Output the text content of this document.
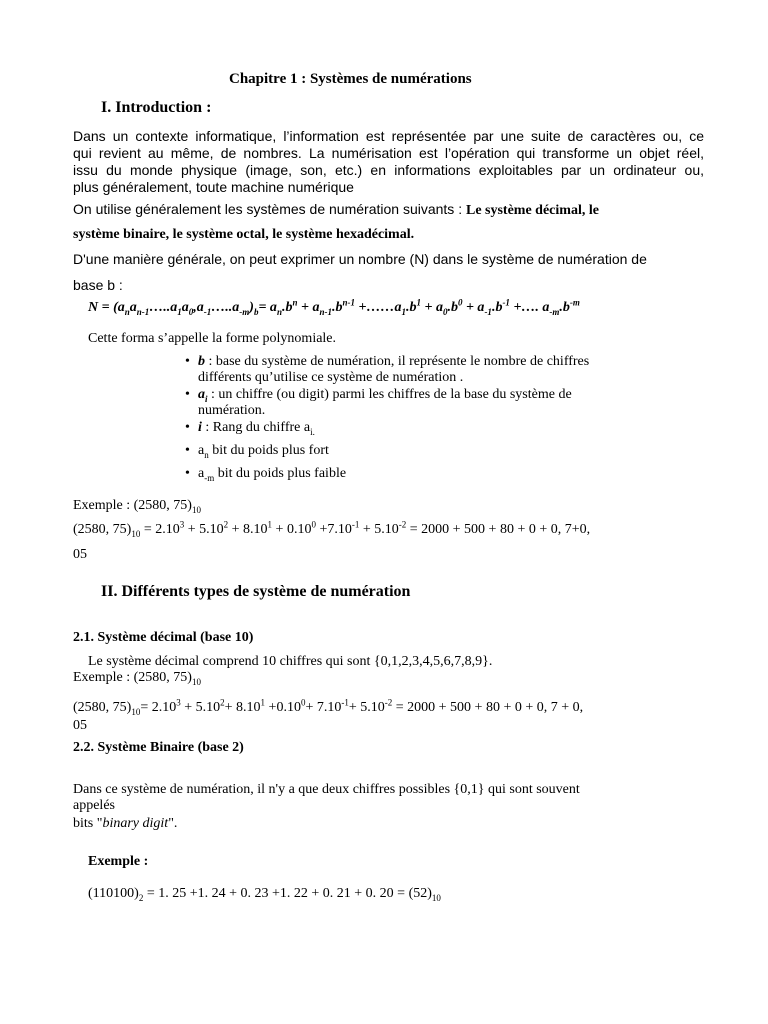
Chapitre 1 : Systèmes de numérations
I. Introduction :
Dans un contexte informatique, l’information est représentée par une suite de caractères ou, ce
qui revient au même, de nombres. La numérisation est l’opération qui transforme un objet réel,
issu du monde physique (image, son, etc.) en informations exploitables par un ordinateur ou,
plus généralement, toute machine numérique
On utilise généralement les systèmes de numération suivants : Le système décimal, le
système binaire, le système octal, le système hexadécimal.
D'une manière générale, on peut exprimer un nombre (N) dans le système de numération de
base b :
$N = (a_na_{n-1}\dots..a_1a_0,a_{-1}\dots..a_{-m})_b= a_n.b^n + a_{n-1}.b^{n-1}$ $+\dots\dots a_1.b^1 + a_0.b^0 + a_{-1}.b^{-1}$ +…. $a_{-m}.b^{-m}$
Cette forma s’appelle la forme polynomiale.
• b : base du système de numération, il représente le nombre de chiffres
différents qu’utilise ce système de numération .
• $a_i$ : un chiffre (ou digit) parmi les chiffres de la base du système de
numération.
• i : Rang du chiffre $a_{i.}$
• $a_n$ bit du poids plus fort
• $a_{-m}$ bit du poids plus faible
Exemple : (2580, $75)_{10}$
(2580, $75)_{10} = 2.10^3 + 5.10^2 + 8.10^1 + 0.10^0 +7.10^{-1} + 5.10^{-2} = 2000 + 500 + 80 + 0 + 0$, 7+0,
05
II. Différents types de système de numération
2.1. Système décimal (base 10)
Le système décimal comprend 10 chiffres qui sont {0,1,2,3,4,5,6,7,8,9}.
Exemple : (2580, $75)_{10}$
(2580, $75)_{10}= 2.10^3 + 5.10^2+ 8.10^1 +0.10^0+ 7.10^{-1}+ 5.10^{-2} = 2000 + 500 + 80 + 0 + 0$, 7 + 0,
05
2.2. Système Binaire (base 2)
Dans ce système de numération, il n'y a que deux chiffres possibles {0,1} qui sont souvent
appelés
bits "binary digit".
Exemple :
$(110100)_2 = 1$. 25 +1. 24 + 0. 23 +1. 22 + 0. 21 + 0. $20 = (52)_{10}$
